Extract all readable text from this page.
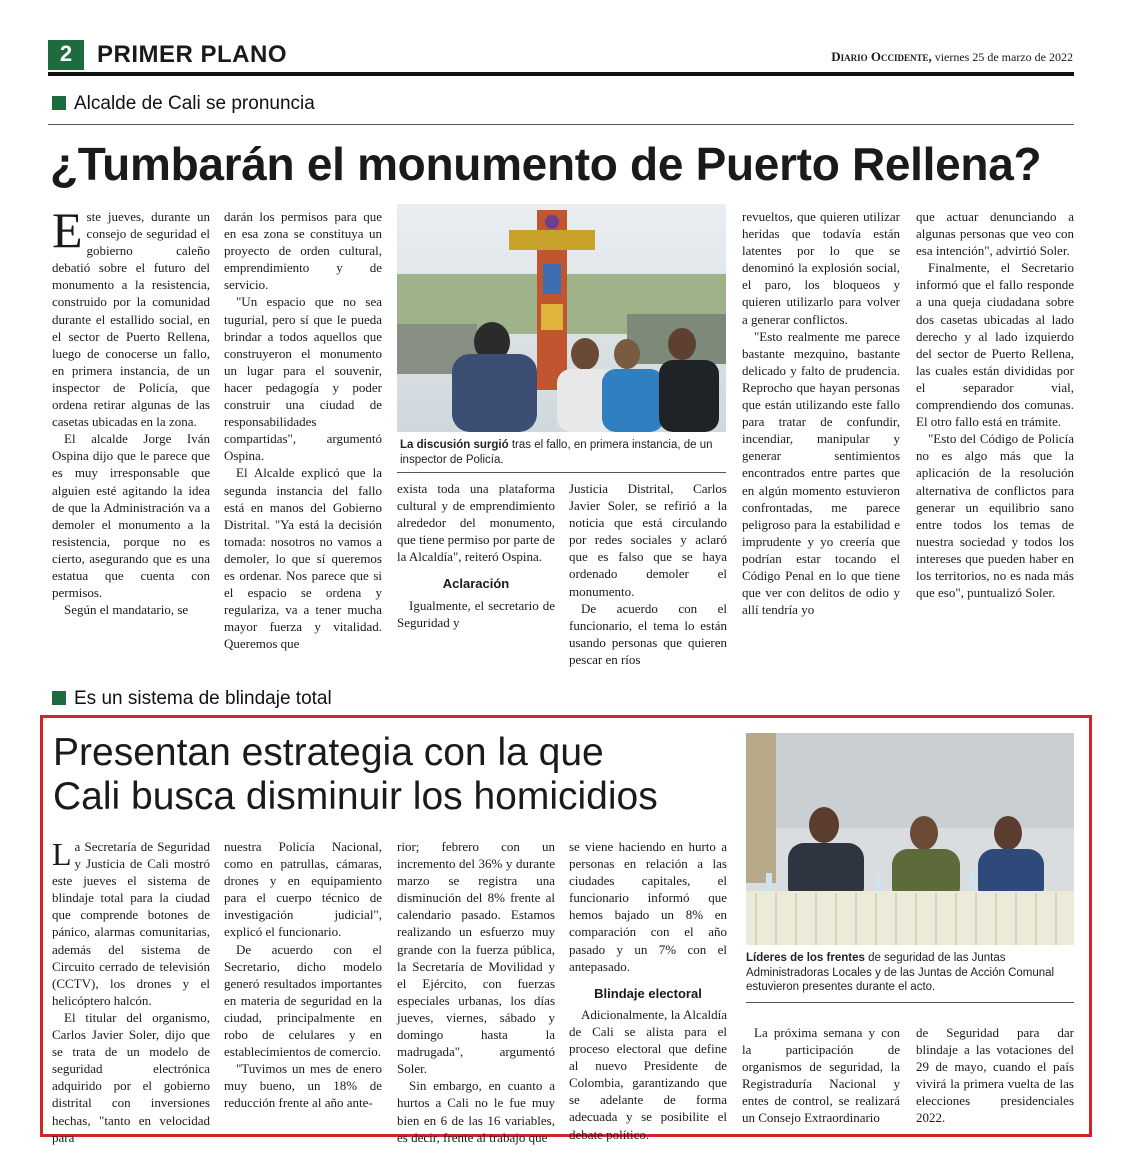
2	PRIMER PLANO	Diario Occidente, viernes 25 de marzo de 2022
Alcalde de Cali se pronuncia
¿Tumbarán el monumento de Puerto Rellena?

Este jueves, durante un consejo de seguridad el gobierno caleño debatió sobre el futuro del monumento a la resistencia, construido por la comunidad durante el estallido social, en el sector de Puerto Rellena, luego de conocerse un fallo, en primera instancia, de un inspector de Policía, que ordena retirar algunas de las casetas ubicadas en la zona.

El alcalde Jorge Iván Ospina dijo que le parece que es muy irresponsable que alguien esté agitando la idea de que la Administración va a demoler el monumento a la resistencia, porque no es cierto, asegurando que es una estatua que cuenta con permisos.

Según el mandatario, se

darán los permisos para que en esa zona se constituya un proyecto de orden cultural, emprendimiento y de servicio.

"Un espacio que no sea tugurial, pero sí que le pueda brindar a todos aquellos que construyeron el monumento un lugar para el souvenir, hacer pedagogía y poder construir una ciudad de responsabilidades compartidas", argumentó Ospina.

El Alcalde explicó que la segunda instancia del fallo está en manos del Gobierno Distrital. "Ya está la decisión tomada: nosotros no vamos a demoler, lo que sí queremos es ordenar. Nos parece que si el espacio se ordena y regulariza, va a tener mucha mayor fuerza y vitalidad. Queremos que

La discusión surgió tras el fallo, en primera instancia, de un inspector de Policía.

exista toda una plataforma cultural y de emprendimiento alrededor del monumento, que tiene permiso por parte de la Alcaldía", reiteró Ospina.

Aclaración

Igualmente, el secretario de Seguridad y

Justicia Distrital, Carlos Javier Soler, se refirió a la noticia que está circulando por redes sociales y aclaró que es falso que se haya ordenado demoler el monumento.

De acuerdo con el funcionario, el tema lo están usando personas que quieren pescar en ríos

revueltos, que quieren utilizar heridas que todavía están latentes por lo que se denominó la explosión social, el paro, los bloqueos y quieren utilizarlo para volver a generar conflictos.

"Esto realmente me parece bastante mezquino, bastante delicado y falto de prudencia. Reprocho que hayan personas que están utilizando este fallo para tratar de confundir, incendiar, manipular y generar sentimientos encontrados entre partes que en algún momento estuvieron confrontadas, me parece peligroso para la estabilidad e imprudente y yo creería que podrían estar tocando el Código Penal en lo que tiene que ver con delitos de odio y allí tendría yo

que actuar denunciando a algunas personas que veo con esa intención", advirtió Soler.

Finalmente, el Secretario informó que el fallo responde a una queja ciudadana sobre dos casetas ubicadas al lado derecho y al lado izquierdo del sector de Puerto Rellena, las cuales están divididas por el separador vial, comprendiendo dos comunas. El otro fallo está en trámite.

"Esto del Código de Policía no es algo más que la aplicación de la resolución alternativa de conflictos para generar un equilibrio sano entre todos los temas de nuestra sociedad y todos los intereses que pueden haber en los territorios, no es nada más que eso", puntualizó Soler.

Es un sistema de blindaje total
Presentan estrategia con la que
Cali busca disminuir los homicidios
Líderes de los frentes de seguridad de las Juntas Administradoras Locales y de las Juntas de Acción Comunal estuvieron presentes durante el acto.

La Secretaría de Seguridad y Justicia de Cali mostró este jueves el sistema de blindaje total para la ciudad que comprende botones de pánico, alarmas comunitarias, además del sistema de Circuito cerrado de televisión (CCTV), los drones y el helicóptero halcón.

El titular del organismo, Carlos Javier Soler, dijo que se trata de un modelo de seguridad electrónica adquirido por el gobierno distrital con inversiones hechas, "tanto en velocidad para

nuestra Policía Nacional, como en patrullas, cámaras, drones y en equipamiento para el cuerpo técnico de investigación judicial", explicó el funcionario.

De acuerdo con el Secretario, dicho modelo generó resultados importantes en materia de seguridad en la ciudad, principalmente en robo de celulares y en establecimientos de comercio.

"Tuvimos un mes de enero muy bueno, un 18% de reducción frente al año ante-

rior; febrero con un incremento del 36% y durante marzo se registra una disminución del 8% frente al calendario pasado. Estamos realizando un esfuerzo muy grande con la fuerza pública, la Secretaría de Movilidad y el Ejército, con fuerzas especiales urbanas, los días jueves, viernes, sábado y domingo hasta la madrugada", argumentó Soler.

Sin embargo, en cuanto a hurtos a Cali no le fue muy bien en 6 de las 16 variables, es decir, frente al trabajo que

se viene haciendo en hurto a personas en relación a las ciudades capitales, el funcionario informó que hemos bajado un 8% en comparación con el año pasado y un 7% con el antepasado.

Blindaje electoral

Adicionalmente, la Alcaldía de Cali se alista para el proceso electoral que define al nuevo Presidente de Colombia, garantizando que se adelante de forma adecuada y se posibilite el debate político.

La próxima semana y con la participación de organismos de seguridad, la Registraduría Nacional y entes de control, se realizará un Consejo Extraordinario

de Seguridad para dar blindaje a las votaciones del 29 de mayo, cuando el país vivirá la primera vuelta de las elecciones presidenciales 2022.
